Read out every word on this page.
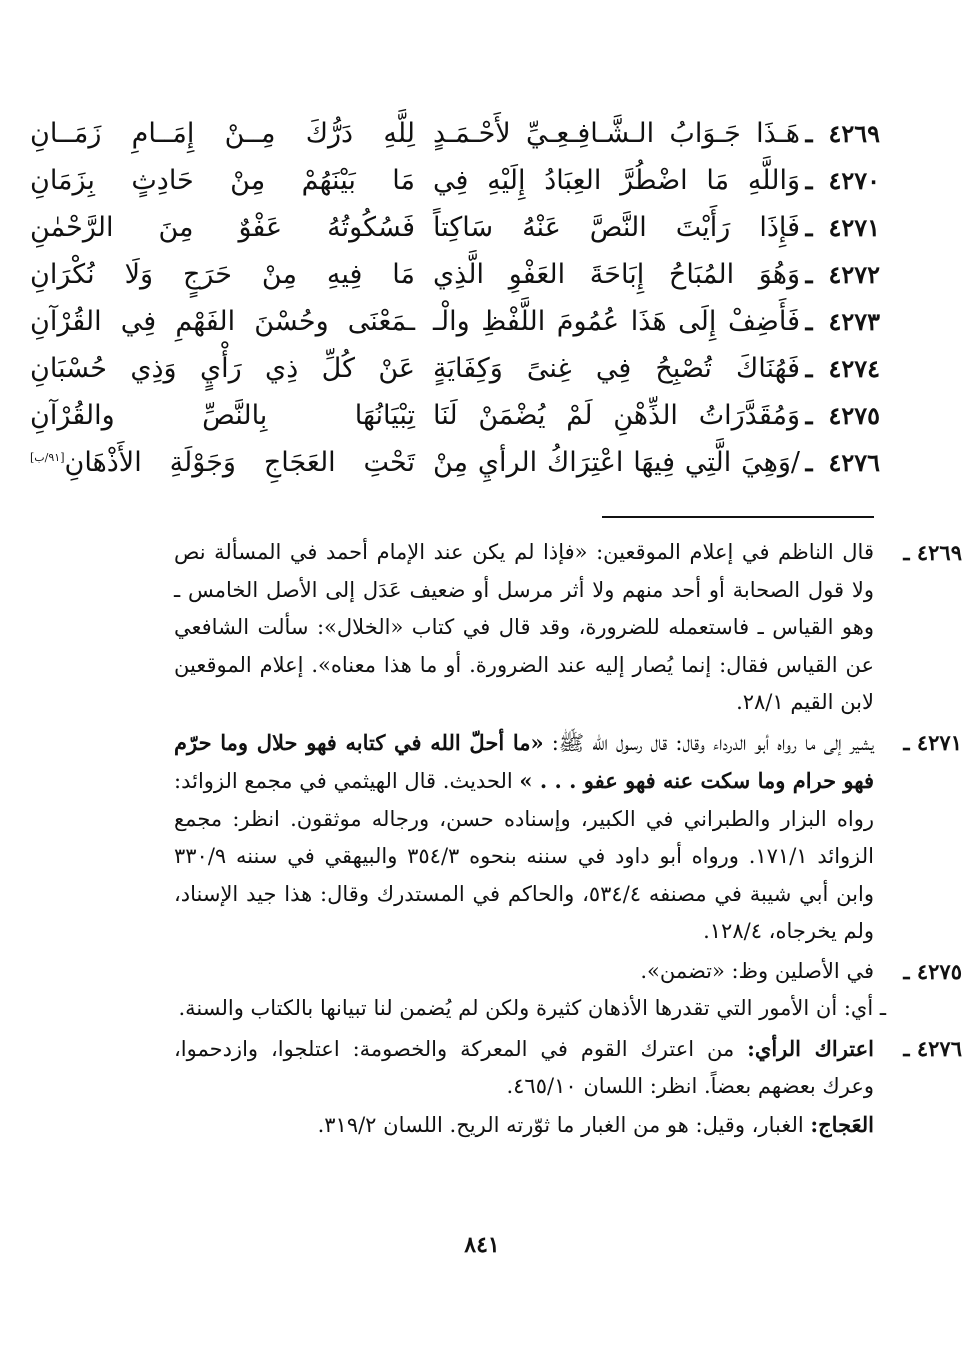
٤٢٦٩
ـ
هَـذَا جَـوَابُ الـشَّـافِـعِـيِّ لأَحْـمَـدٍ
لِلَّهِ دَرُّكَ مِــنْ إِمَــامِ زَمَــانِ
٤٢٧٠
ـ
وَاللَّهِ مَا اضْطُرَّ العِبَادُ إِلَيْهِ فِي
مَا بَيْنَهُمْ مِنْ حَادِثٍ بِزَمَانِ
٤٢٧١
ـ
فَإِذَا رَأَيْتَ النَّصَّ عَنْهُ سَاكِتاً
فَسُكُوتُهُ عَفْوٌ مِنَ الرَّحْمٰنِ
٤٢٧٢
ـ
وَهُوَ المُبَاحُ إِبَاحَةَ العَفْوِ الَّذِي
مَا فِيهِ مِنْ حَرَجٍ وَلَا نُكْرَانِ
٤٢٧٣
ـ
فَأَضِفْ إِلَى هَذَا عُمُومَ اللَّفْظِ والْـ
ـمَعْنَى وحُسْنَ الفَهْمِ فِي القُرْآنِ
٤٢٧٤
ـ
فَهُنَاكَ تُصْبِحُ فِي غِنىً وَكِفَايَةٍ
عَنْ كُلِّ ذِي رَأْيٍ وَذِي حُسْبَانِ
٤٢٧٥
ـ
وَمُقَدَّرَاتُ الذِّهْنِ لَمْ يُضْمَنْ لَنَا
تِبْيَانُهَا بِالنَّصِّ والقُرْآنِ
٤٢٧٦
ـ
/وَهِيَ الَّتِي فِيهَا اعْتِرَاكُ الرأيِ مِنْ
تَحْتِ العَجَاجِ وَجَوْلَةِ الأَذْهَانِ[٩١/ب]
٤٢٦٩ ـ

قال الناظم في إعلام الموقعين: «فإذا لم يكن عند الإمام أحمد في المسألة نص ولا قول الصحابة أو أحد منهم ولا أثر مرسل أو ضعيف عَدَل إلى الأصل الخامس ـ وهو القياس ـ فاستعمله للضرورة، وقد قال في كتاب «الخلال»: سألت الشافعي عن القياس فقال: إنما يُصار إليه عند الضرورة. أو ما هذا معناه». إعلام الموقعين لابن القيم ٢٨/١.

٤٢٧١ ـ

يشير إلى ما رواه أبو الدرداء وقال: قال رسول الله ﷺ: «ما أحلّ الله في كتابه فهو حلال وما حرّم فهو حرام وما سكت عنه فهو عفو . . . » الحديث. قال الهيثمي في مجمع الزوائد: رواه البزار والطبراني في الكبير، وإسناده حسن، ورجاله موثقون. انظر: مجمع الزوائد ١٧١/١. ورواه أبو داود في سننه بنحوه ٣٥٤/٣ والبيهقي في سننه ٣٣٠/٩ وابن أبي شيبة في مصنفه ٥٣٤/٤، والحاكم في المستدرك وقال: هذا جيد الإسناد، ولم يخرجاه، ١٢٨/٤.

٤٢٧٥ ـ

في الأصلين وظ: «تضمن».

ـ أي: أن الأمور التي تقدرها الأذهان كثيرة ولكن لم يُضمن لنا تبيانها بالكتاب والسنة.

٤٢٧٦ ـ

اعتراك الرأي: من اعترك القوم في المعركة والخصومة: اعتلجوا، وازدحموا، وعرك بعضهم بعضاً. انظر: اللسان ٤٦٥/١٠.

العَجاج: الغبار، وقيل: هو من الغبار ما ثوّرته الريح. اللسان ٣١٩/٢.

٨٤١
